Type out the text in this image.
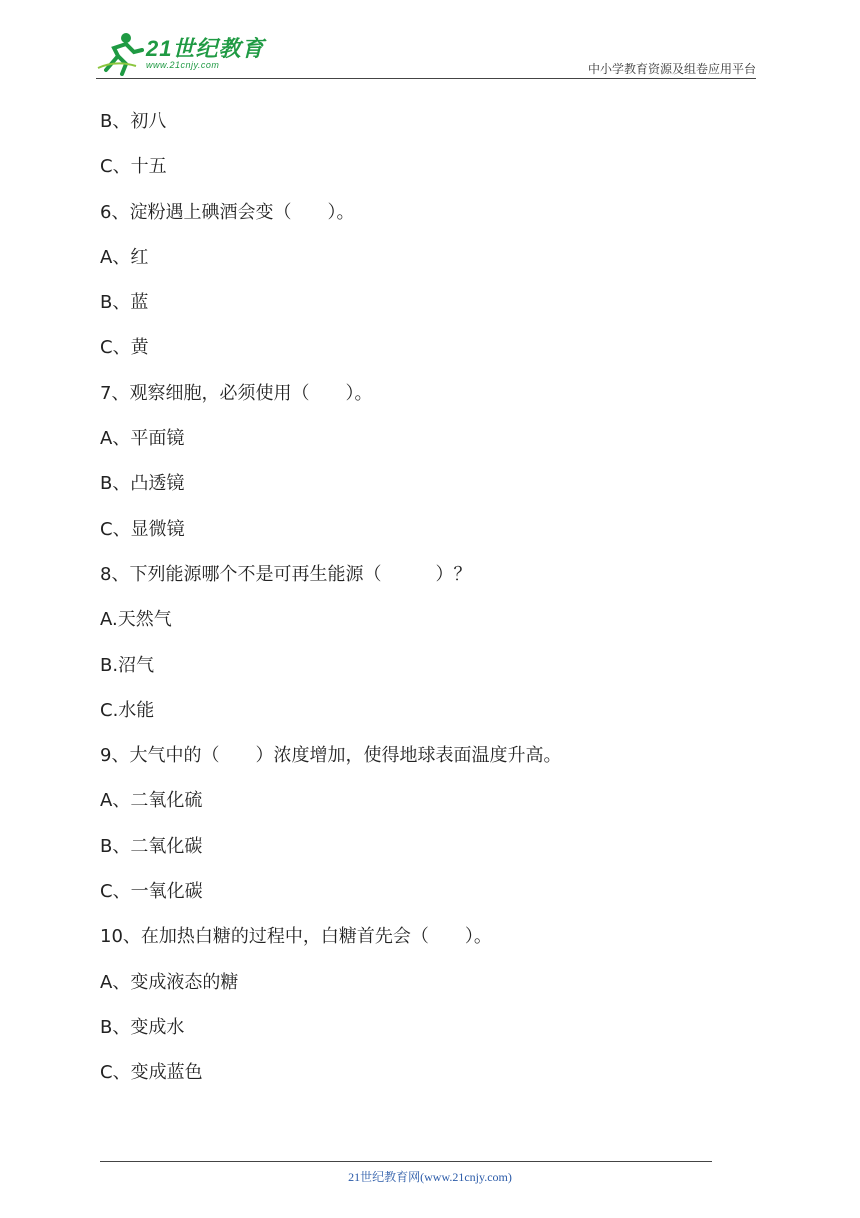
21世纪教育
www.21cnjy.com	中小学教育资源及组卷应用平台
B、初八
C、十五
6、淀粉遇上碘酒会变（　　）。
A、红
B、蓝
C、黄
7、观察细胞，必须使用（　　）。
A、平面镜
B、凸透镜
C、显微镜
8、下列能源哪个不是可再生能源（　　　）？
A.天然气
B.沼气
C.水能
9、大气中的（　　）浓度增加，使得地球表面温度升高。
A、二氧化硫
B、二氧化碳
C、一氧化碳
10、在加热白糖的过程中，白糖首先会（　　）。
A、变成液态的糖
B、变成水
C、变成蓝色
21世纪教育网(www.21cnjy.com)
